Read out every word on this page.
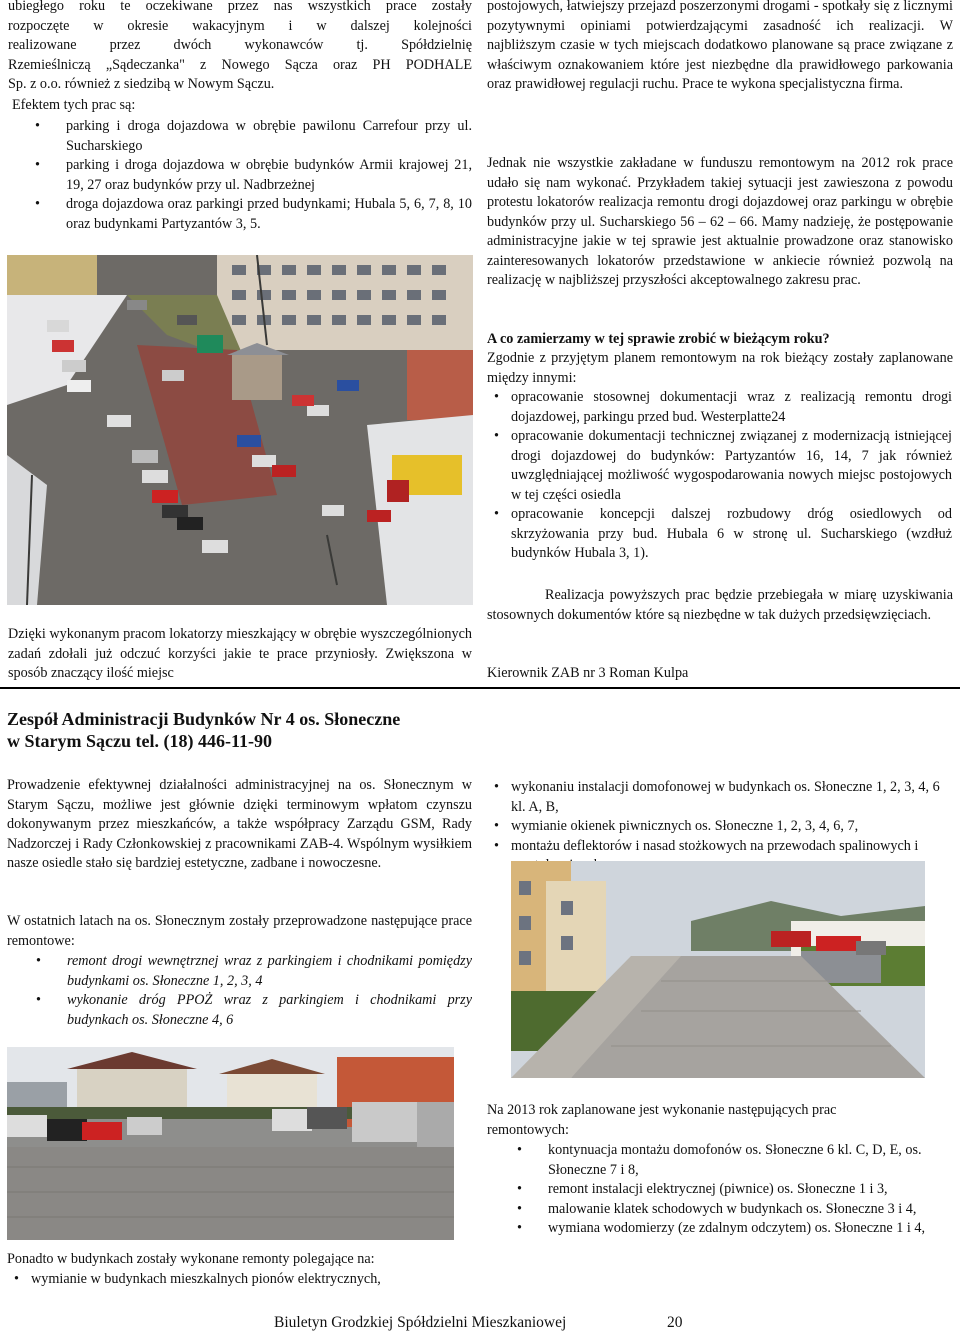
ubiegłego roku te oczekiwane przez nas wszystkich prace zostały
rozpoczęte w okresie wakacyjnym i w dalszej kolejności
realizowane przez dwóch wykonawców tj. Spółdzielnię
Rzemieślniczą „Sądeczanka" z Nowego Sącza oraz PH PODHALE
Sp. z o.o. również z siedzibą w Nowym Sączu.
Efektem tych prac są:
• parking i droga dojazdowa w obrębie pawilonu Carrefour przy ul. Sucharskiego
• parking i droga dojazdowa w obrębie budynków Armii krajowej 21, 19, 27 oraz budynków przy ul. Nadbrzeżnej
• droga dojazdowa oraz parkingi przed budynkami; Hubala 5, 6, 7, 8, 10 oraz budynkami Partyzantów 3, 5.
Dzięki wykonanym pracom lokatorzy mieszkający w obrębie wyszczególnionych zadań zdołali już odczuć korzyści jakie te prace przyniosły. Zwiększona w sposób znaczący ilość miejsc
postojowych, łatwiejszy przejazd poszerzonymi drogami - spotkały się z licznymi pozytywnymi opiniami potwierdzającymi zasadność ich realizacji. W najbliższym czasie w tych miejscach dodatkowo planowane są prace związane z właściwym oznakowaniem które jest niezbędne dla prawidłowego parkowania oraz prawidłowej regulacji ruchu. Prace te wykona specjalistyczna firma.
Jednak nie wszystkie zakładane w funduszu remontowym na 2012 rok prace udało się nam wykonać. Przykładem takiej sytuacji jest zawieszona z powodu protestu lokatorów realizacja remontu drogi dojazdowej oraz parkingu w obrębie budynków przy ul. Sucharskiego 56 – 62 – 66. Mamy nadzieję, że postępowanie administracyjne jakie w tej sprawie jest aktualnie prowadzone oraz stanowisko zainteresowanych lokatorów przedstawione w ankiecie również pozwolą na realizację w najbliższej przyszłości akceptowalnego zakresu prac.
A co zamierzamy w tej sprawie zrobić w bieżącym roku?
Zgodnie z przyjętym planem remontowym na rok bieżący zostały zaplanowane między innymi:
• opracowanie stosownej dokumentacji wraz z realizacją remontu drogi dojazdowej, parkingu przed bud. Westerplatte24
• opracowanie dokumentacji technicznej związanej z modernizacją istniejącej drogi dojazdowej do budynków: Partyzantów 16, 14, 7 jak również uwzględniającej możliwość wygospodarowania nowych miejsc postojowych w tej części osiedla
• opracowanie koncepcji dalszej rozbudowy dróg osiedlowych od skrzyżowania przy bud. Hubala 6 w stronę ul. Sucharskiego (wzdłuż budynków Hubala 3, 1).
Realizacja powyższych prac będzie przebiegała w miarę uzyskiwania stosownych dokumentów które są niezbędne w tak dużych przedsięwzięciach.
Kierownik ZAB nr 3 Roman Kulpa
Zespół Administracji Budynków Nr 4 os. Słoneczne
w Starym Sączu tel. (18) 446-11-90
Prowadzenie efektywnej działalności administracyjnej na os. Słonecznym w Starym Sączu, możliwe jest głównie dzięki terminowym wpłatom czynszu dokonywanym przez mieszkańców, a także współpracy Zarządu GSM, Rady Nadzorczej i Rady Członkowskiej z pracownikami ZAB-4. Wspólnym wysiłkiem nasze osiedle stało się bardziej estetyczne, zadbane i nowoczesne.
W ostatnich latach na os. Słonecznym zostały przeprowadzone następujące prace remontowe:
• remont drogi wewnętrznej wraz z parkingiem i chodnikami pomiędzy budynkami os. Słoneczne 1, 2, 3, 4
• wykonanie dróg PPOŻ wraz z parkingiem i chodnikami przy budynkach os. Słoneczne 4, 6
Ponadto w budynkach zostały wykonane remonty polegające na:
• wymianie w budynkach mieszkalnych pionów elektrycznych,
• wykonaniu instalacji domofonowej w budynkach os. Słoneczne 1, 2, 3, 4, 6 kl. A, B,
• wymianie okienek piwnicznych os. Słoneczne 1, 2, 3, 4, 6, 7,
• montażu deflektorów i nasad stożkowych na przewodach spalinowych i
Na 2013 rok zaplanowane jest wykonanie następujących prac remontowych:
• kontynuacja montażu domofonów os. Słoneczne 6 kl. C, D, E, os. Słoneczne 7 i 8,
• remont instalacji elektrycznej (piwnice) os. Słoneczne 1 i 3,
• malowanie klatek schodowych w budynkach os. Słoneczne 3 i 4,
• wymiana wodomierzy (ze zdalnym odczytem) os. Słoneczne 1 i 4,
Biuletyn Grodzkiej Spółdzielni Mieszkaniowej	20
